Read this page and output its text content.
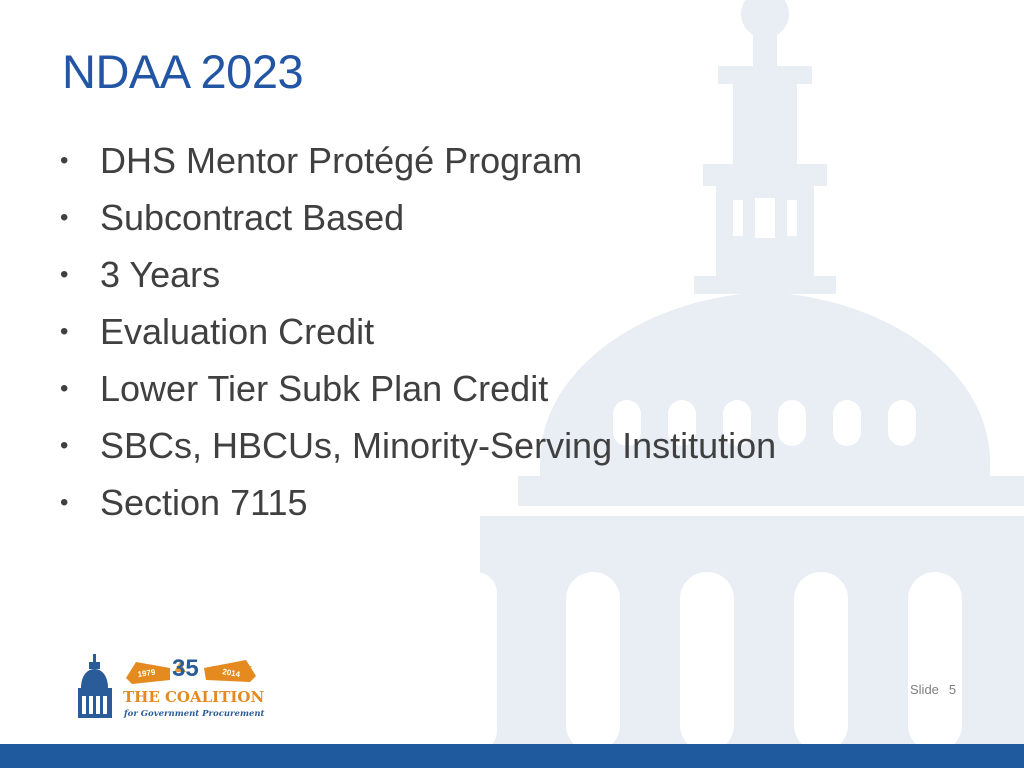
NDAA 2023
• DHS Mentor Protégé Program
• Subcontract Based
• 3 Years
• Evaluation Credit
• Lower Tier Subk Plan Credit
• SBCs, HBCUs, Minority-Serving Institution
• Section 7115
1979 35	2014
THE COALITION
for Government Procurement
Slide 5
